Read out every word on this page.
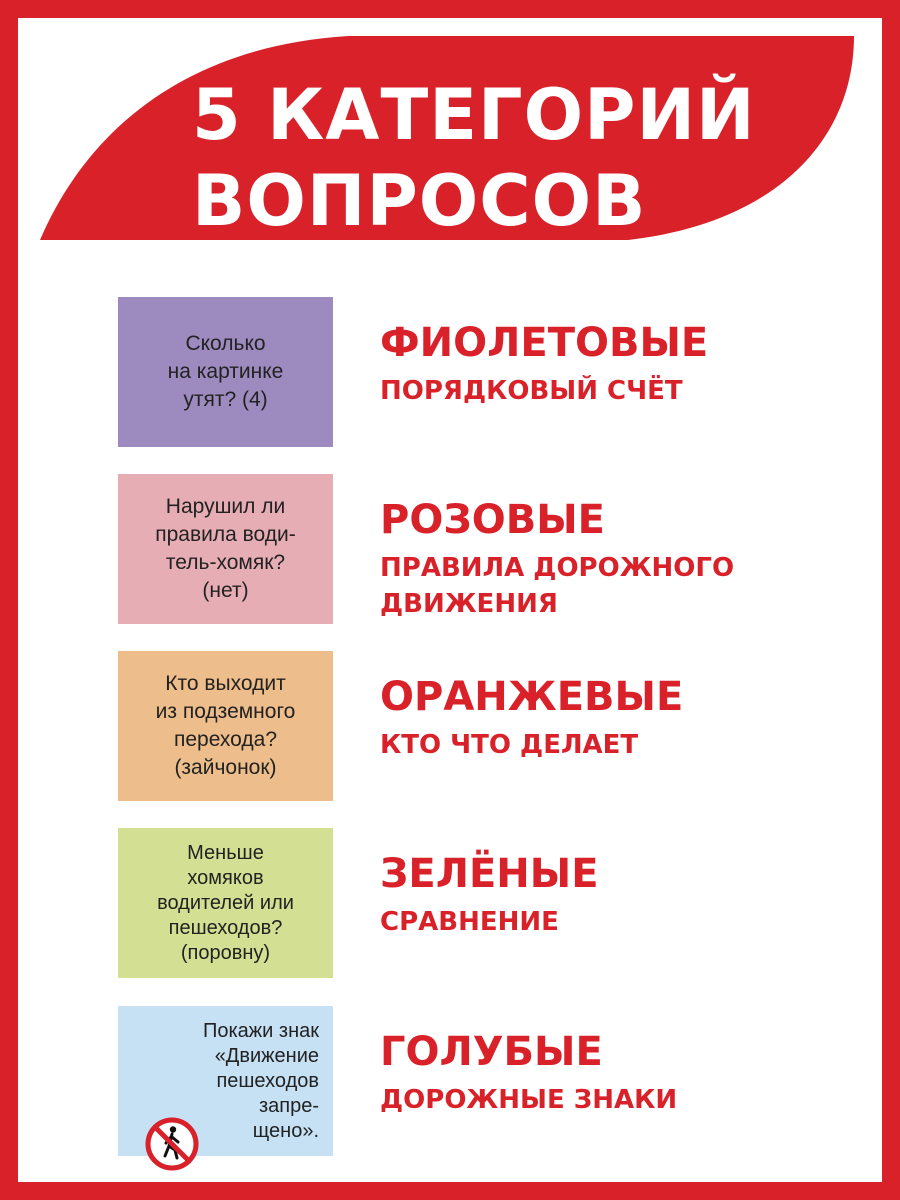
5 КАТЕГОРИЙ
ВОПРОСОВ
Сколько
на картинке
утят? (4)
ФИОЛЕТОВЫЕ
ПОРЯДКОВЫЙ СЧЁТ
Нарушил ли
правила води-
тель-хомяк?
(нет)
РОЗОВЫЕ
ПРАВИЛА ДОРОЖНОГО
ДВИЖЕНИЯ
Кто выходит
из подземного
перехода?
(зайчонок)
ОРАНЖЕВЫЕ
КТО ЧТО ДЕЛАЕТ
Меньше
хомяков
водителей или
пешеходов?
(поровну)
ЗЕЛЁНЫЕ
СРАВНЕНИЕ
Покажи знак
«Движение
пешеходов
запре-
щено».

ГОЛУБЫЕ
ДОРОЖНЫЕ ЗНАКИ
